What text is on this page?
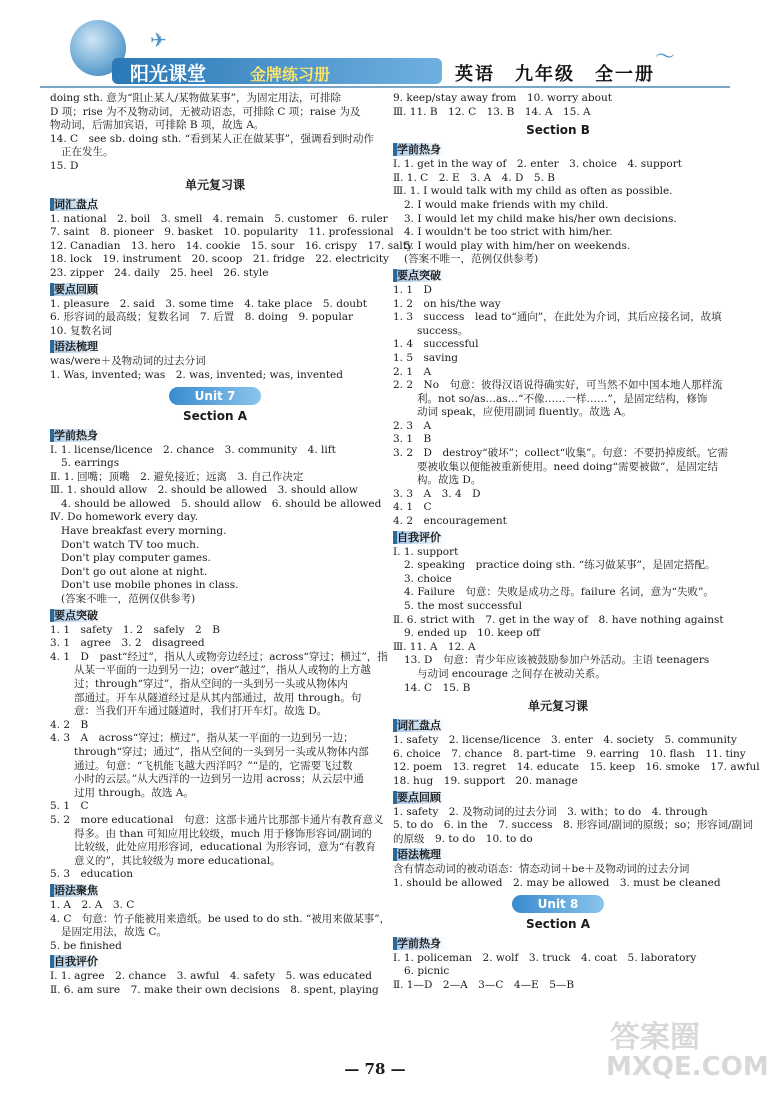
阳光课堂	金牌练习册	英语　九年级　全一册
✈
〜
doing sth. 意为“阻止某人/某物做某事”，为固定用法，可排除
D 项；rise 为不及物动词，无被动语态，可排除 C 项；raise 为及
物动词，后需加宾语，可排除 B 项，故选 A。
14. C　see sb. doing sth. “看到某人正在做某事”，强调看到时动作
正在发生。
15. D
单元复习课
词汇盘点
1. national　2. boil　3. smell　4. remain　5. customer　6. ruler
7. saint　8. pioneer　9. basket　10. popularity　11. professional
12. Canadian　13. hero　14. cookie　15. sour　16. crispy　17. salty
18. lock　19. instrument　20. scoop　21. fridge　22. electricity
23. zipper　24. daily　25. heel　26. style
要点回顾
1. pleasure　2. said　3. some time　4. take place　5. doubt
6. 形容词的最高级；复数名词　7. 后置　8. doing　9. popular
10. 复数名词
语法梳理
was/were＋及物动词的过去分词
1. Was, invented; was　2. was, invented; was, invented
Unit 7
Section A
学前热身
Ⅰ. 1. license/licence　2. chance　3. community　4. lift
5. earrings
Ⅱ. 1. 回嘴；顶嘴　2. 避免接近；远离　3. 自己作决定
Ⅲ. 1. should allow　2. should be allowed　3. should allow
4. should be allowed　5. should allow　6. should be allowed
Ⅳ. Do homework every day.
Have breakfast every morning.
Don't watch TV too much.
Don't play computer games.
Don't go out alone at night.
Don't use mobile phones in class.
(答案不唯一，范例仅供参考)
要点突破
1. 1　safety　1. 2　safely　2　B
3. 1　agree　3. 2　disagreed
4. 1　D　past“经过”，指从人或物旁边经过；across“穿过；横过”，指
从某一平面的一边到另一边；over“越过”，指从人或物的上方越
过；through“穿过”，指从空间的一头到另一头或从物体内
部通过。开车从隧道经过是从其内部通过，故用 through。句
意：当我们开车通过隧道时，我们打开车灯。故选 D。
4. 2　B
4. 3　A　across“穿过；横过”，指从某一平面的一边到另一边；
through“穿过；通过”，指从空间的一头到另一头或从物体内部
通过。句意：“飞机能飞越大西洋吗？”“是的，它需要飞过数
小时的云层。”从大西洋的一边到另一边用 across；从云层中通
过用 through。故选 A。
5. 1　C
5. 2　more educational　句意：这部卡通片比那部卡通片有教育意义
得多。由 than 可知应用比较级，much 用于修饰形容词/副词的
比较级，此处应用形容词，educational 为形容词，意为“有教育
意义的”，其比较级为 more educational。
5. 3　education
语法聚焦
1. A　2. A　3. C
4. C　句意：竹子能被用来造纸。be used to do sth. “被用来做某事”，
是固定用法，故选 C。
5. be finished
自我评价
Ⅰ. 1. agree　2. chance　3. awful　4. safety　5. was educated
Ⅱ. 6. am sure　7. make their own decisions　8. spent, playing
9. keep/stay away from　10. worry about
Ⅲ. 11. B　12. C　13. B　14. A　15. A
Section B
学前热身
Ⅰ. 1. get in the way of　2. enter　3. choice　4. support
Ⅱ. 1. C　2. E　3. A　4. D　5. B
Ⅲ. 1. I would talk with my child as often as possible.
2. I would make friends with my child.
3. I would let my child make his/her own decisions.
4. I wouldn't be too strict with him/her.
5. I would play with him/her on weekends.
(答案不唯一，范例仅供参考)
要点突破
1. 1　D
1. 2　on his/the way
1. 3　success　lead to“通向”，在此处为介词，其后应接名词，故填
success。
1. 4　successful
1. 5　saving
2. 1　A
2. 2　No　句意：彼得汉语说得确实好，可当然不如中国本地人那样流
利。not so/as…as…“不像……一样……”，是固定结构，修饰
动词 speak，应使用副词 fluently。故选 A。
2. 3　A
3. 1　B
3. 2　D　destroy“破坏”；collect“收集”。句意：不要扔掉废纸。它需
要被收集以便能被重新使用。need doing“需要被做”，是固定结
构。故选 D。
3. 3　A　3. 4　D
4. 1　C
4. 2　encouragement
自我评价
Ⅰ. 1. support
2. speaking　practice doing sth. “练习做某事”，是固定搭配。
3. choice
4. Failure　句意：失败是成功之母。failure 名词，意为“失败”。
5. the most successful
Ⅱ. 6. strict with　7. get in the way of　8. have nothing against
9. ended up　10. keep off
Ⅲ. 11. A　12. A
13. D　句意：青少年应该被鼓励参加户外活动。主语 teenagers
与动词 encourage 之间存在被动关系。
14. C　15. B
单元复习课
词汇盘点
1. safety　2. license/licence　3. enter　4. society　5. community
6. choice　7. chance　8. part-time　9. earring　10. flash　11. tiny
12. poem　13. regret　14. educate　15. keep　16. smoke　17. awful
18. hug　19. support　20. manage
要点回顾
1. safety　2. 及物动词的过去分词　3. with；to do　4. through
5. to do　6. in the　7. success　8. 形容词/副词的原级；so；形容词/副词
的原级　9. to do　10. to do
语法梳理
含有情态动词的被动语态：情态动词＋be＋及物动词的过去分词
1. should be allowed　2. may be allowed　3. must be cleaned
Unit 8
Section A
学前热身
Ⅰ. 1. policeman　2. wolf　3. truck　4. coat　5. laboratory
6. picnic
Ⅱ. 1—D　2—A　3—C　4—E　5—B
— 78 —
答案圈
MXQE.COM
